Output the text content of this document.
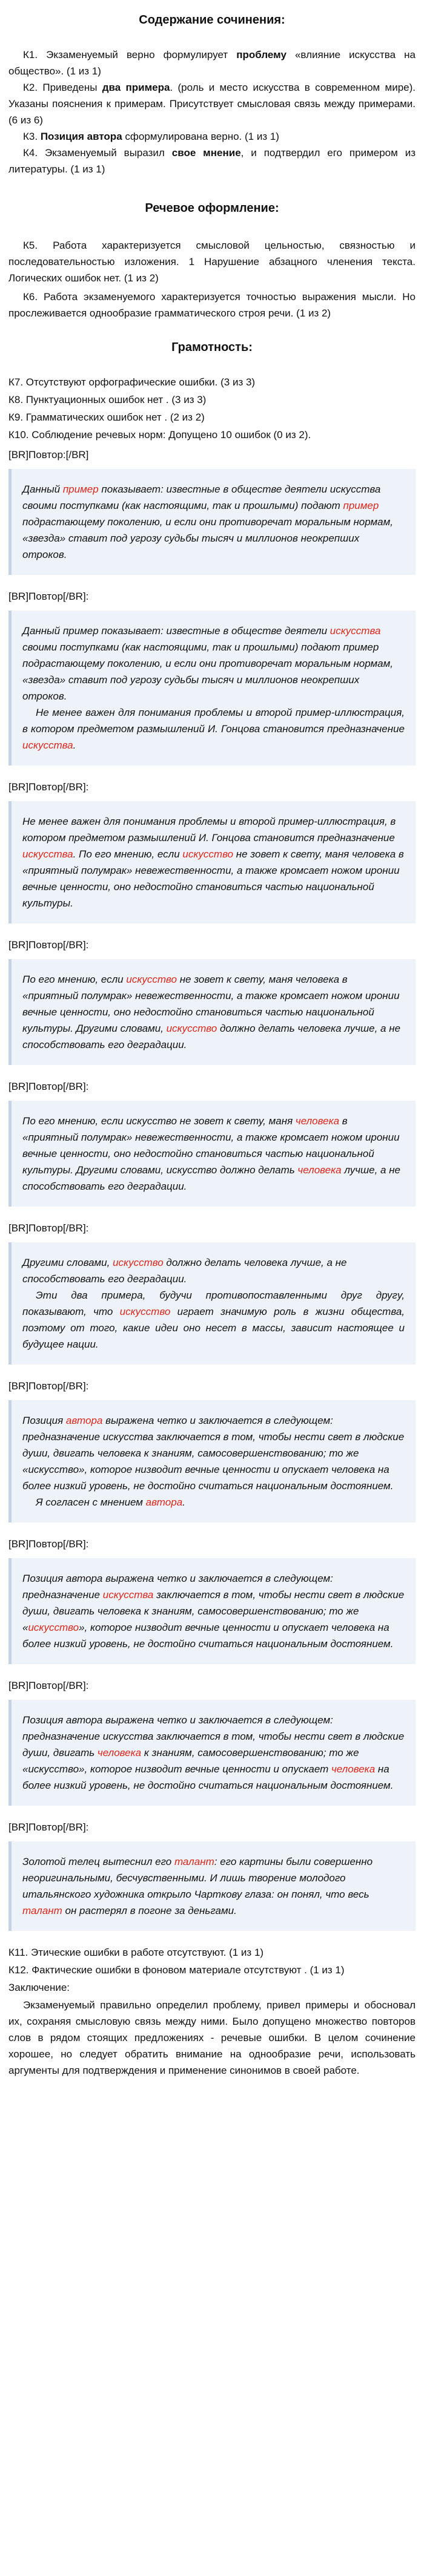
Содержание сочинения:

К1. Экзаменуемый верно формулирует проблему «влияние искусства на общество». (1 из 1)

К2. Приведены два примера. (роль и место искусства в современном мире). Указаны пояснения к примерам. Присутствует смысловая связь между примерами. (6 из 6)

К3. Позиция автора сформулирована верно. (1 из 1)

К4. Экзаменуемый выразил свое мнение, и подтвердил его примером из литературы. (1 из 1)

Речевое оформление:

К5. Работа характеризуется смысловой цельностью, связностью и последовательностью изложения. 1 Нарушение абзацного членения текста. Логических ошибок нет. (1 из 2)

К6. Работа экзаменуемого характеризуется точностью выражения мысли. Но прослеживается однообразие грамматического строя речи. (1 из 2)

Грамотность:
К7. Отсутствуют орфографические ошибки. (3 из 3)
К8. Пунктуационных ошибок нет . (3 из 3)
К9. Грамматических ошибок нет . (2 из 2)
К10. Соблюдение речевых норм: Допущено 10 ошибок (0 из 2).
[BR]Повтор:[/BR]
Данный пример показывает: известные в обществе деятели искусства своими поступками (как настоящими, так и прошлыми) подают пример подрастающему поколению, и если они противоречат моральным нормам, «звезда» ставит под угрозу судьбы тысяч и миллионов неокрепших отроков.
[BR]Повтор[/BR]:
Данный пример показывает: известные в обществе деятели искусства своими поступками (как настоящими, так и прошлыми) подают пример подрастающему поколению, и если они противоречат моральным нормам, «звезда» ставит под угрозу судьбы тысяч и миллионов неокрепших отроков.
Не менее важен для понимания проблемы и второй пример-иллюстрация, в котором предметом размышлений И. Гонцова становится предназначение искусства.
[BR]Повтор[/BR]:
Не менее важен для понимания проблемы и второй пример-иллюстрация, в котором предметом размышлений И. Гонцова становится предназначение искусства. По его мнению, если искусство не зовет к свету, маня человека в «приятный полумрак» невежественности, а также кромсает ножом иронии вечные ценности, оно недостойно становиться частью национальной культуры.
[BR]Повтор[/BR]:
По его мнению, если искусство не зовет к свету, маня человека в «приятный полумрак» невежественности, а также кромсает ножом иронии вечные ценности, оно недостойно становиться частью национальной культуры. Другими словами, искусство должно делать человека лучше, а не способствовать его деградации.
[BR]Повтор[/BR]:
По его мнению, если искусство не зовет к свету, маня человека в «приятный полумрак» невежественности, а также кромсает ножом иронии вечные ценности, оно недостойно становиться частью национальной культуры. Другими словами, искусство должно делать человека лучше, а не способствовать его деградации.
[BR]Повтор[/BR]:
Другими словами, искусство должно делать человека лучше, а не способствовать его деградации.
Эти два примера, будучи противопоставленными друг другу, показывают, что искусство играет значимую роль в жизни общества, поэтому от того, какие идеи оно несет в массы, зависит настоящее и будущее нации.
[BR]Повтор[/BR]:
Позиция автора выражена четко и заключается в следующем: предназначение искусства заключается в том, чтобы нести свет в людские души, двигать человека к знаниям, самосовершенствованию; то же «искусство», которое низводит вечные ценности и опускает человека на более низкий уровень, не достойно считаться национальным достоянием.
Я согласен с мнением автора.
[BR]Повтор[/BR]:
Позиция автора выражена четко и заключается в следующем: предназначение искусства заключается в том, чтобы нести свет в людские души, двигать человека к знаниям, самосовершенствованию; то же «искусство», которое низводит вечные ценности и опускает человека на более низкий уровень, не достойно считаться национальным достоянием.
[BR]Повтор[/BR]:
Позиция автора выражена четко и заключается в следующем: предназначение искусства заключается в том, чтобы нести свет в людские души, двигать человека к знаниям, самосовершенствованию; то же «искусство», которое низводит вечные ценности и опускает человека на более низкий уровень, не достойно считаться национальным достоянием.
[BR]Повтор[/BR]:
Золотой телец вытеснил его талант: его картины были совершенно неоригинальными, бесчувственными. И лишь творение молодого итальянского художника открыло Чарткову глаза: он понял, что весь талант он растерял в погоне за деньгами.
К11. Этические ошибки в работе отсутствуют. (1 из 1)
К12. Фактические ошибки в фоновом материале отсутствуют . (1 из 1)
Заключение:

Экзаменуемый правильно определил проблему, привел примеры и обосновал их, сохраняя смысловую связь между ними. Было допущено множество повторов слов в рядом стоящих предложениях - речевые ошибки. В целом сочинение хорошее, но следует обратить внимание на однообразие речи, использовать аргументы для подтверждения и применение синонимов в своей работе.
